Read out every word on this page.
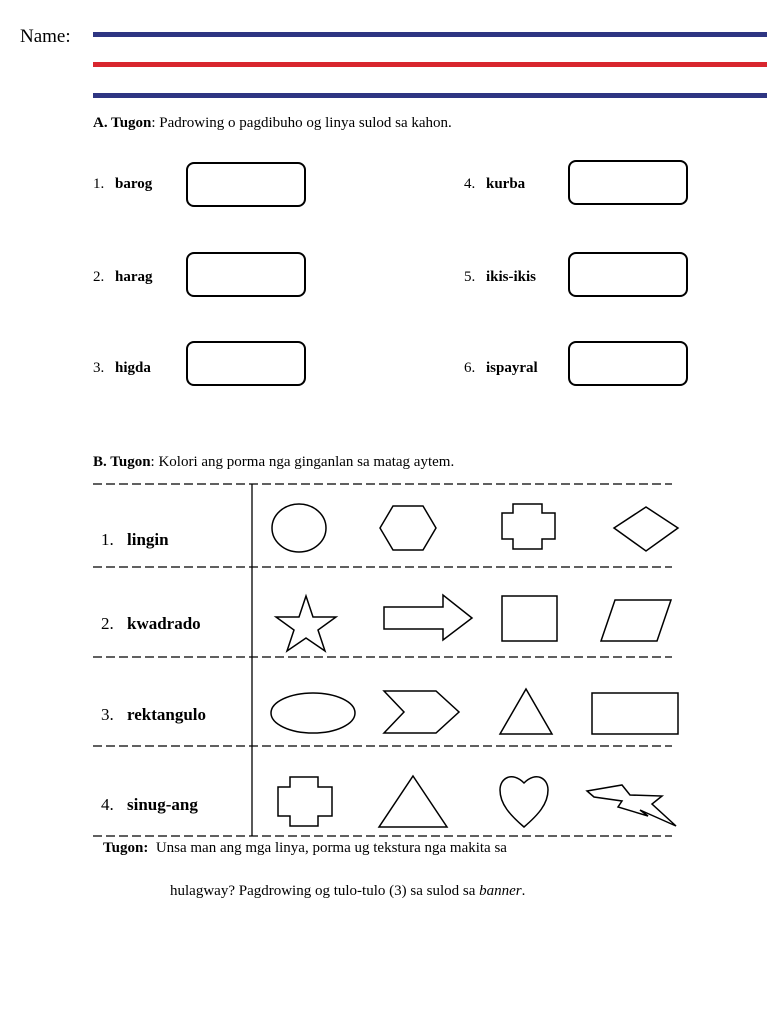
Name:
A. Tugon: Padrowing o pagdibuho og linya sulod sa kahon.
1. barog
2. harag
3. higda
4. kurba
5. ikis-ikis
6. ispayral
B. Tugon: Kolori ang porma nga ginganlan sa matag aytem.
1. lingin
2. kwadrado
3. rektangulo
4. sinug-ang
Tugon: Unsa man ang mga linya, porma ug tekstura nga makita sa
hulagway? Pagdrowing og tulo-tulo (3) sa sulod sa banner.
